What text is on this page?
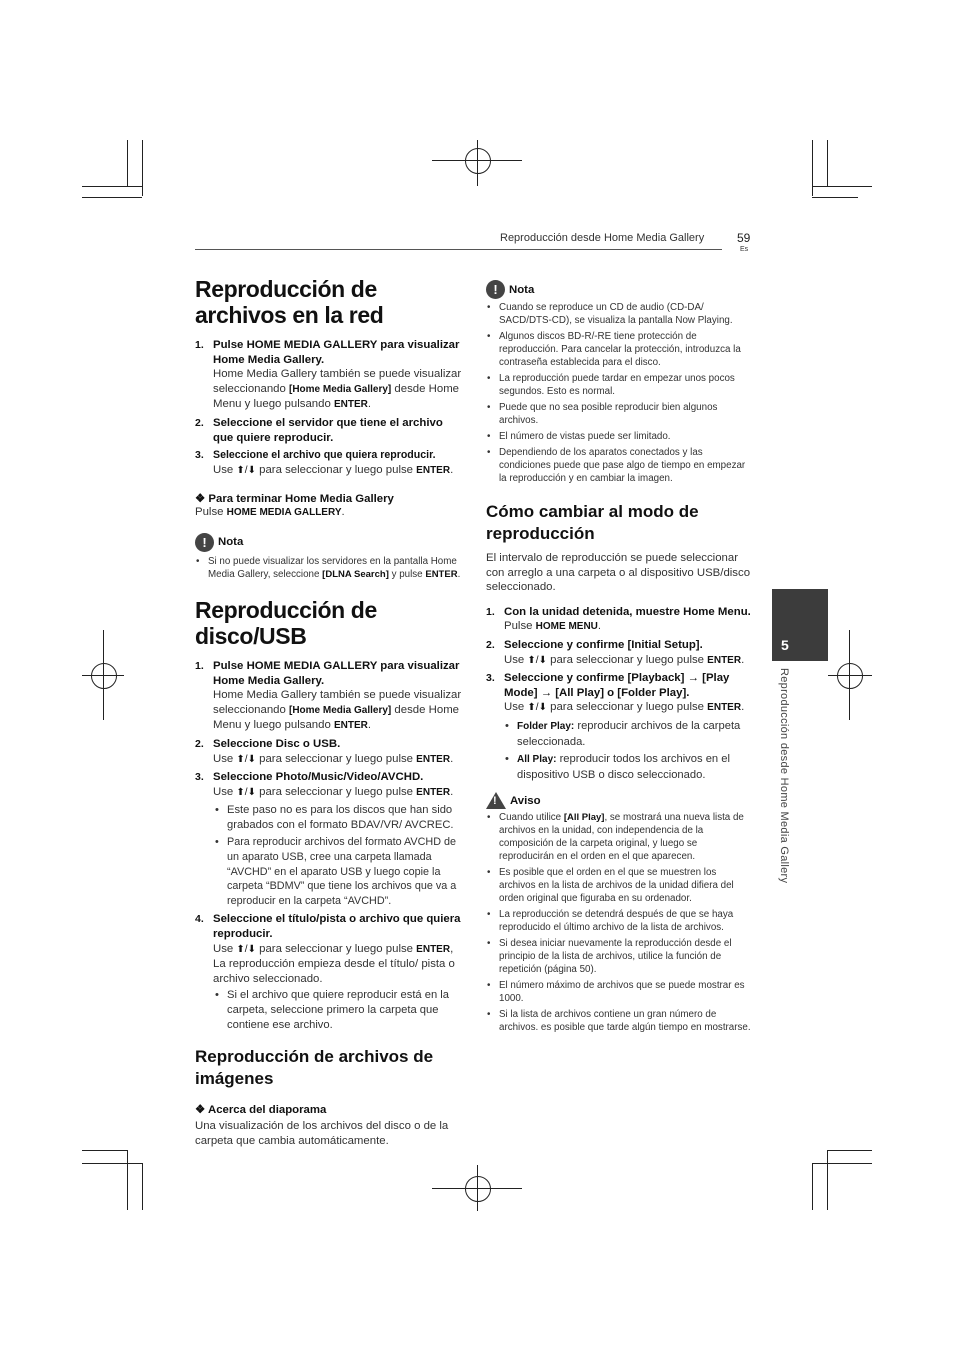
Reproducción desde Home Media Gallery	59
Es
5
Reproducción desde Home Media Gallery
Reproducción de archivos en la red
1. Pulse HOME MEDIA GALLERY para visualizar Home Media Gallery.
Home Media Gallery también se puede visualizar seleccionando [Home Media Gallery] desde Home Menu y luego pulsando ENTER.
2. Seleccione el servidor que tiene el archivo que quiere reproducir.
3. Seleccione el archivo que quiera reproducir.
Use ⬆/⬇ para seleccionar y luego pulse ENTER.
❖ Para terminar Home Media Gallery
Pulse HOME MEDIA GALLERY.
! Nota
• Si no puede visualizar los servidores en la pantalla Home Media Gallery, seleccione [DLNA Search] y pulse ENTER.
Reproducción de disco/USB
1. Pulse HOME MEDIA GALLERY para visualizar Home Media Gallery.
Home Media Gallery también se puede visualizar seleccionando [Home Media Gallery] desde Home Menu y luego pulsando ENTER.
2. Seleccione Disc o USB.
Use ⬆/⬇ para seleccionar y luego pulse ENTER.
3. Seleccione Photo/Music/Video/AVCHD.
Use ⬆/⬇ para seleccionar y luego pulse ENTER.
• Este paso no es para los discos que han sido grabados con el formato BDAV/VR/ AVCREC.
• Para reproducir archivos del formato AVCHD de un aparato USB, cree una carpeta llamada “AVCHD” en el aparato USB y luego copie la carpeta “BDMV” que tiene los archivos que va a reproducir en la carpeta “AVCHD”.
4. Seleccione el título/pista o archivo que quiera reproducir.
Use ⬆/⬇ para seleccionar y luego pulse ENTER,
La reproducción empieza desde el título/ pista o archivo seleccionado.
• Si el archivo que quiere reproducir está en la carpeta, seleccione primero la carpeta que contiene ese archivo.
Reproducción de archivos de imágenes
❖ Acerca del diaporama
Una visualización de los archivos del disco o de la carpeta que cambia automáticamente.
! Nota
• Cuando se reproduce un CD de audio (CD-DA/ SACD/DTS-CD), se visualiza la pantalla Now Playing.
• Algunos discos BD-R/-RE tiene protección de reproducción. Para cancelar la protección, introduzca la contraseña establecida para el disco.
• La reproducción puede tardar en empezar unos pocos segundos. Esto es normal.
• Puede que no sea posible reproducir bien algunos archivos.
• El número de vistas puede ser limitado.
• Dependiendo de los aparatos conectados y las condiciones puede que pase algo de tiempo en empezar la reproducción y en cambiar la imagen.
Cómo cambiar al modo de reproducción
El intervalo de reproducción se puede seleccionar con arreglo a una carpeta o al dispositivo USB/disco seleccionado.
1. Con la unidad detenida, muestre Home Menu.
Pulse HOME MENU.
2. Seleccione y confirme [Initial Setup].
Use ⬆/⬇ para seleccionar y luego pulse ENTER.
3. Seleccione y confirme [Playback] → [Play Mode] → [All Play] o [Folder Play].
Use ⬆/⬇ para seleccionar y luego pulse ENTER.
• Folder Play: reproducir archivos de la carpeta seleccionada.
• All Play: reproducir todos los archivos en el dispositivo USB o disco seleccionado.
! Aviso
• Cuando utilice [All Play], se mostrará una nueva lista de archivos en la unidad, con independencia de la composición de la carpeta original, y luego se reproducirán en el orden en el que aparecen.
• Es posible que el orden en el que se muestren los archivos en la lista de archivos de la unidad difiera del orden original que figuraba en su ordenador.
• La reproducción se detendrá después de que se haya reproducido el último archivo de la lista de archivos.
• Si desea iniciar nuevamente la reproducción desde el principio de la lista de archivos, utilice la función de repetición (página 50).
• El número máximo de archivos que se puede mostrar es 1000.
• Si la lista de archivos contiene un gran número de archivos. es posible que tarde algún tiempo en mostrarse.
